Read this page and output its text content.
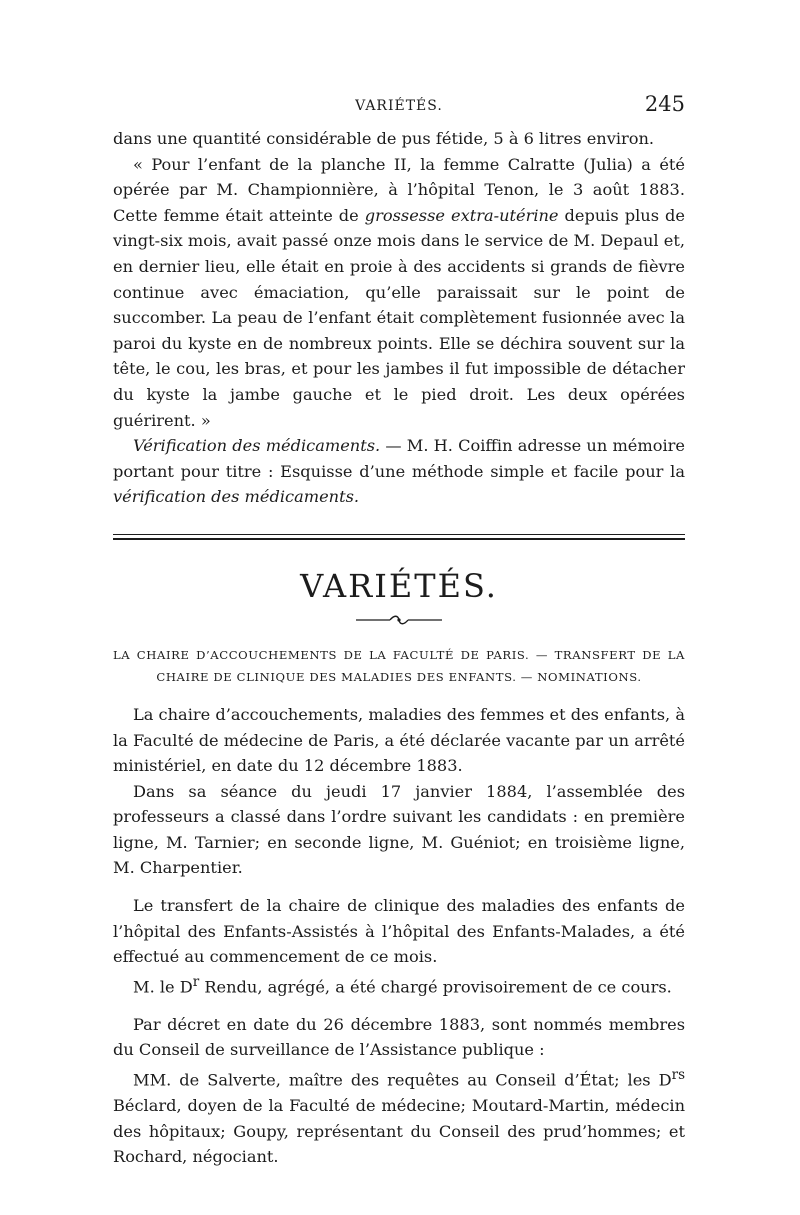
VARIÉTÉS.	245

dans une quantité considérable de pus fétide, 5 à 6 litres environ.

« Pour l’enfant de la planche II, la femme Calratte (Julia) a été opérée par M. Championnière, à l’hôpital Tenon, le 3 août 1883. Cette femme était atteinte de grossesse extra-utérine depuis plus de vingt-six mois, avait passé onze mois dans le service de M. Depaul et, en dernier lieu, elle était en proie à des accidents si grands de fièvre continue avec émaciation, qu’elle paraissait sur le point de succomber. La peau de l’enfant était complètement fusionnée avec la paroi du kyste en de nombreux points. Elle se déchira souvent sur la tête, le cou, les bras, et pour les jambes il fut impossible de détacher du kyste la jambe gauche et le pied droit. Les deux opérées guérirent. »

Vérification des médicaments. — M. H. Coiffin adresse un mémoire portant pour titre : Esquisse d’une méthode simple et facile pour la vérification des médicaments.

VARIÉTÉS.
LA CHAIRE D’ACCOUCHEMENTS DE LA FACULTÉ DE PARIS. — TRANSFERT DE LA CHAIRE DE CLINIQUE DES MALADIES DES ENFANTS. — NOMINATIONS.

La chaire d’accouchements, maladies des femmes et des enfants, à la Faculté de médecine de Paris, a été déclarée vacante par un arrêté ministériel, en date du 12 décembre 1883.

Dans sa séance du jeudi 17 janvier 1884, l’assemblée des professeurs a classé dans l’ordre suivant les candidats : en première ligne, M. Tarnier; en seconde ligne, M. Guéniot; en troisième ligne, M. Charpentier.

Le transfert de la chaire de clinique des maladies des enfants de l’hôpital des Enfants-Assistés à l’hôpital des Enfants-Malades, a été effectué au commencement de ce mois.

M. le $D^r$ Rendu, agrégé, a été chargé provisoirement de ce cours.

Par décret en date du 26 décembre 1883, sont nommés membres du Conseil de surveillance de l’Assistance publique :

MM. de Salverte, maître des requêtes au Conseil d’État; les $D^{rs}$ Béclard, doyen de la Faculté de médecine; Moutard-Martin, médecin des hôpitaux; Goupy, représentant du Conseil des prud’hommes; et Rochard, négociant.
